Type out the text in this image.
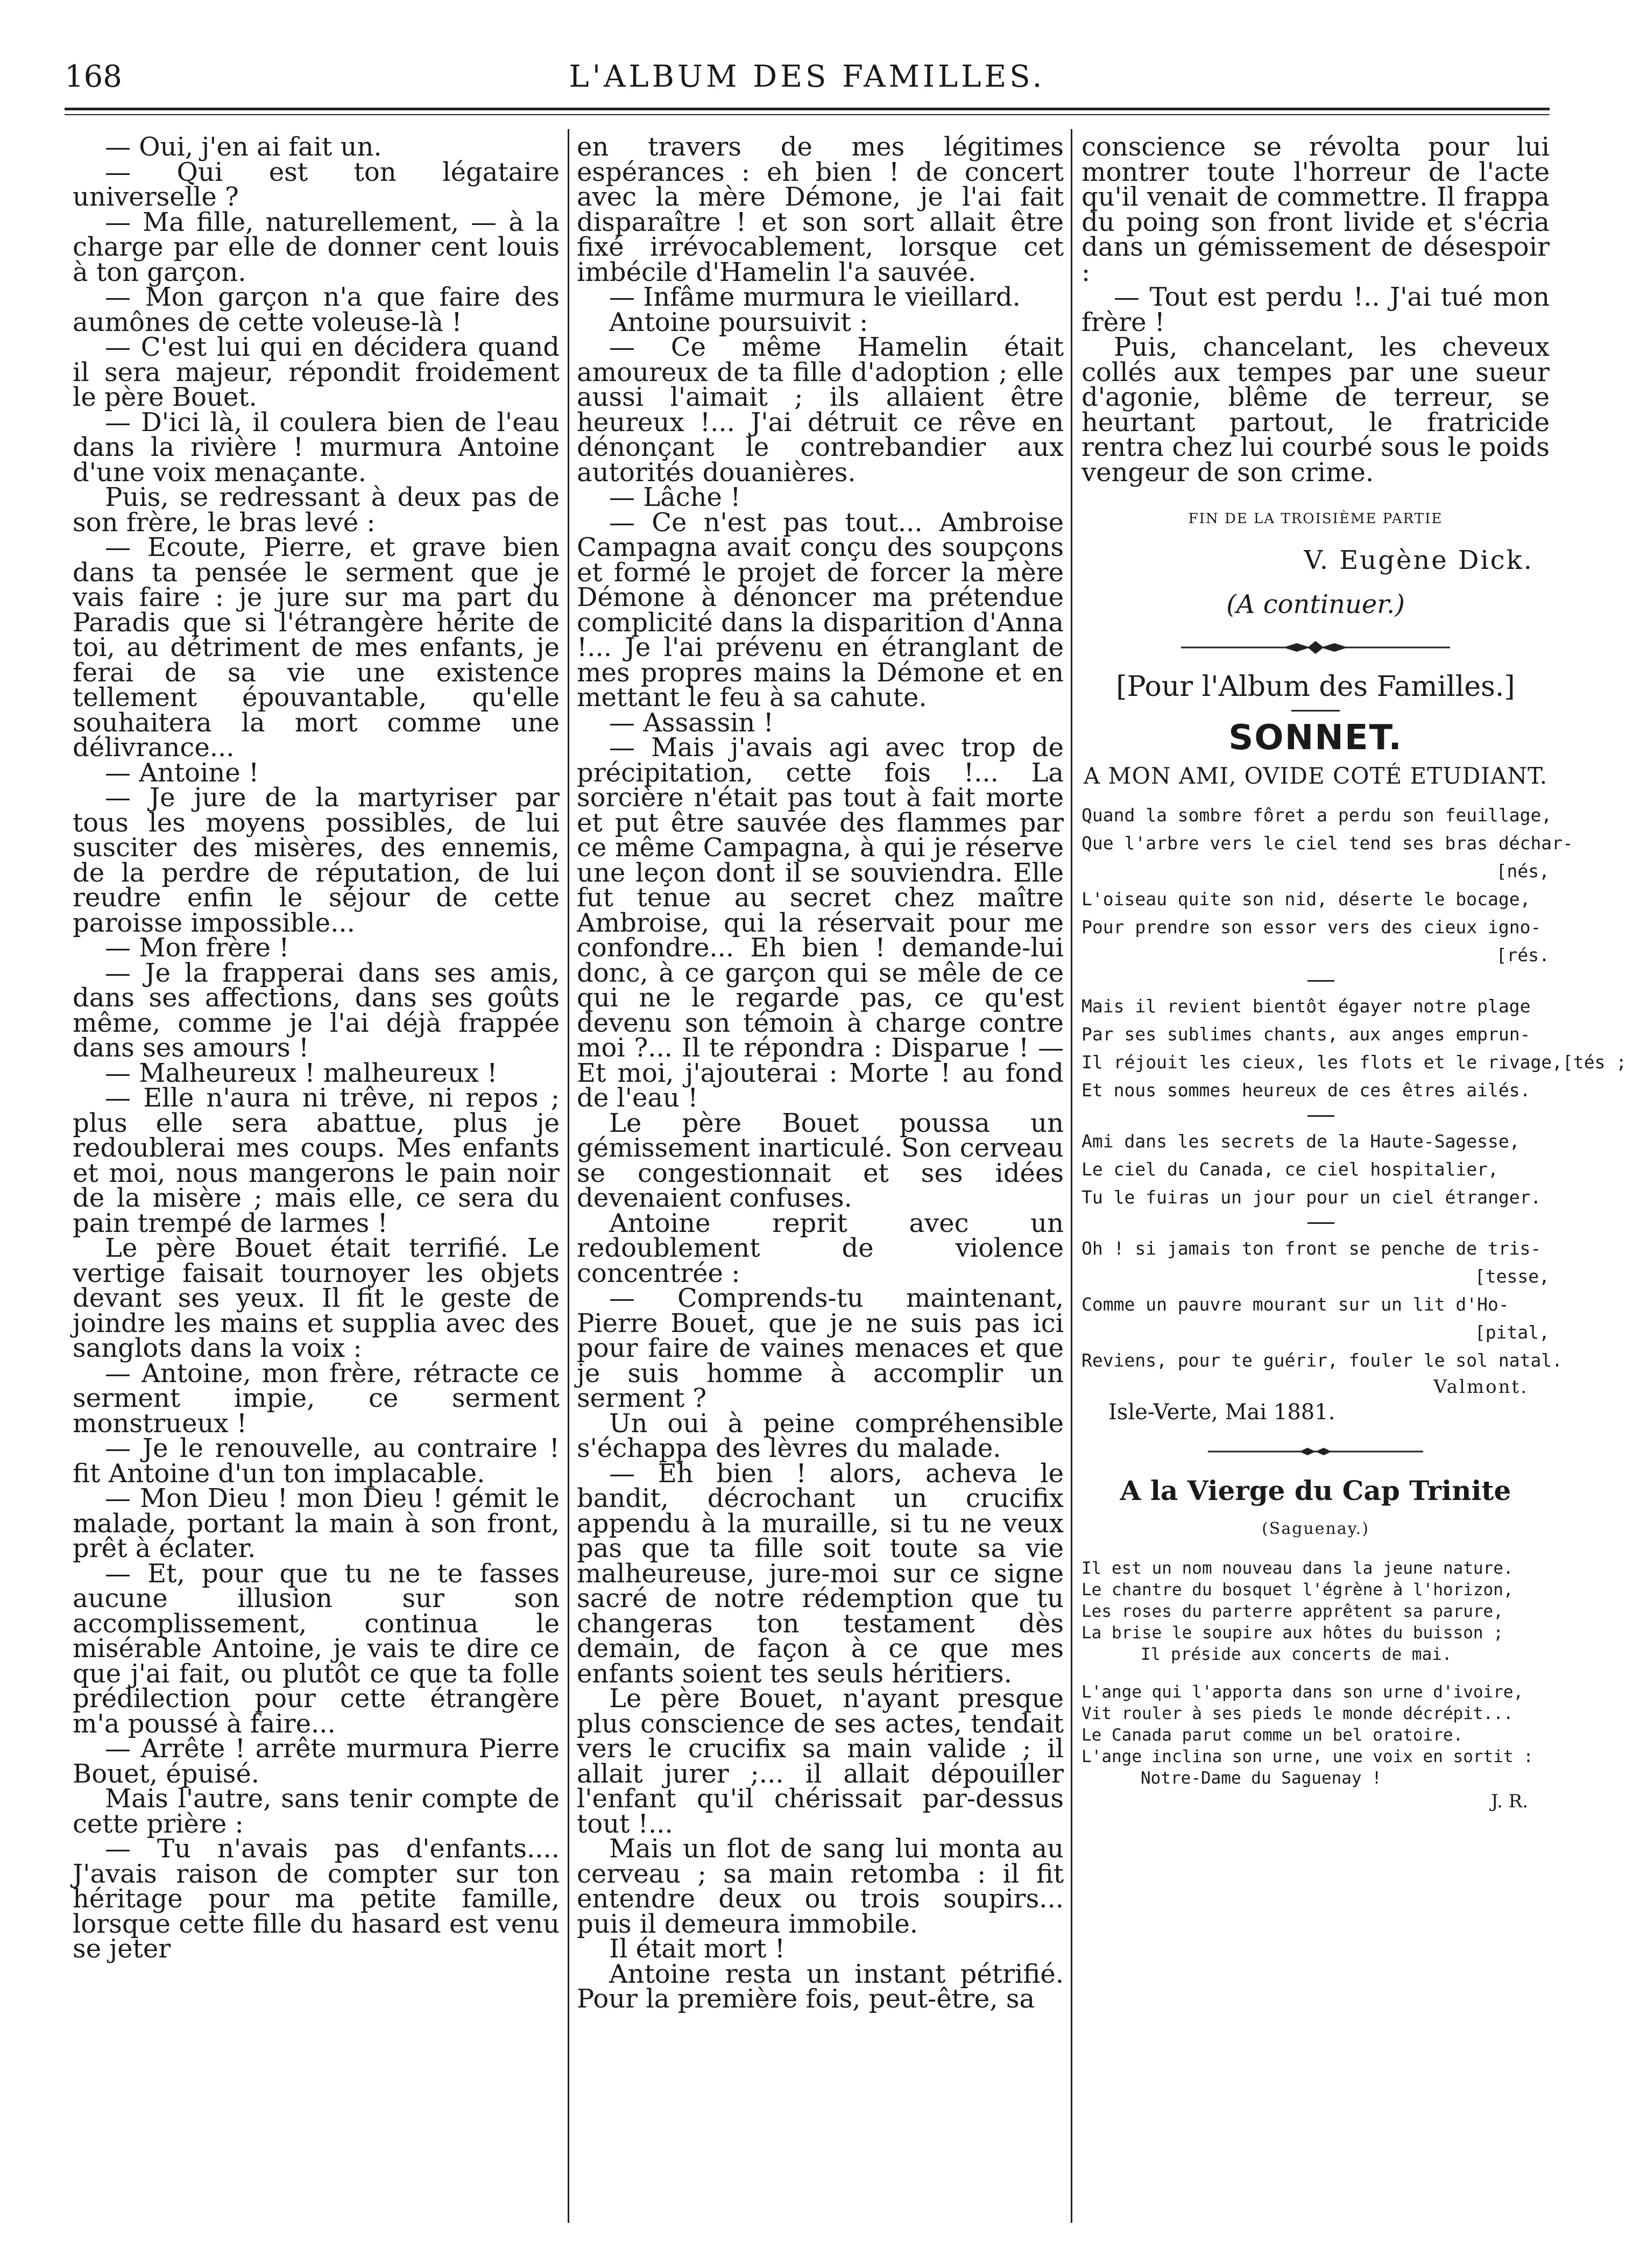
168	L'ALBUM DES FAMILLES.

— Oui, j'en ai fait un.

— Qui est ton légataire universelle ?

— Ma fille, naturellement, — à la charge par elle de donner cent louis à ton garçon.

— Mon garçon n'a que faire des aumônes de cette voleuse-là !

— C'est lui qui en décidera quand il sera majeur, répondit froidement le père Bouet.

— D'ici là, il coulera bien de l'eau dans la rivière ! murmura Antoine d'une voix menaçante.

Puis, se redressant à deux pas de son frère, le bras levé :

— Ecoute, Pierre, et grave bien dans ta pensée le serment que je vais faire : je jure sur ma part du Paradis que si l'étrangère hérite de toi, au détriment de mes enfants, je ferai de sa vie une existence tellement épouvantable, qu'elle souhaitera la mort comme une délivrance...

— Antoine !

— Je jure de la martyriser par tous les moyens possibles, de lui susciter des misères, des ennemis, de la perdre de réputation, de lui reudre enfin le séjour de cette paroisse impossible...

— Mon frère !

— Je la frapperai dans ses amis, dans ses affections, dans ses goûts même, comme je l'ai déjà frappée dans ses amours !

— Malheureux ! malheureux !

— Elle n'aura ni trêve, ni repos ; plus elle sera abattue, plus je redoublerai mes coups. Mes enfants et moi, nous mangerons le pain noir de la misère ; mais elle, ce sera du pain trempé de larmes !

Le père Bouet était terrifié. Le vertige faisait tournoyer les objets devant ses yeux. Il fit le geste de joindre les mains et supplia avec des sanglots dans la voix :

— Antoine, mon frère, rétracte ce serment impie, ce serment monstrueux !

— Je le renouvelle, au contraire ! fit Antoine d'un ton implacable.

— Mon Dieu ! mon Dieu ! gémit le malade, portant la main à son front, prêt à éclater.

— Et, pour que tu ne te fasses aucune illusion sur son accomplissement, continua le misérable Antoine, je vais te dire ce que j'ai fait, ou plutôt ce que ta folle prédilection pour cette étrangère m'a poussé à faire...

— Arrête ! arrête murmura Pierre Bouet, épuisé.

Mais l'autre, sans tenir compte de cette prière :

— Tu n'avais pas d'enfants.... J'avais raison de compter sur ton héritage pour ma petite famille, lorsque cette fille du hasard est venu se jeter

en travers de mes légitimes espérances : eh bien ! de concert avec la mère Démone, je l'ai fait disparaître ! et son sort allait être fixé irrévocablement, lorsque cet imbécile d'Hamelin l'a sauvée.

— Infâme murmura le vieillard.

Antoine poursuivit :

— Ce même Hamelin était amoureux de ta fille d'adoption ; elle aussi l'aimait ; ils allaient être heureux !... J'ai détruit ce rêve en dénonçant le contrebandier aux autorités douanières.

— Lâche !

— Ce n'est pas tout... Ambroise Campagna avait conçu des soupçons et formé le projet de forcer la mère Démone à dénoncer ma prétendue complicité dans la disparition d'Anna !... Je l'ai prévenu en étranglant de mes propres mains la Démone et en mettant le feu à sa cahute.

— Assassin !

— Mais j'avais agi avec trop de précipitation, cette fois !... La sorcière n'était pas tout à fait morte et put être sauvée des flammes par ce même Campagna, à qui je réserve une leçon dont il se souviendra. Elle fut tenue au secret chez maître Ambroise, qui la réservait pour me confondre... Eh bien ! demande-lui donc, à ce garçon qui se mêle de ce qui ne le regarde pas, ce qu'est devenu son témoin à charge contre moi ?... Il te répondra : Disparue ! — Et moi, j'ajouterai : Morte ! au fond de l'eau !

Le père Bouet poussa un gémissement inarticulé. Son cerveau se congestionnait et ses idées devenaient confuses.

Antoine reprit avec un redoublement de violence concentrée :

— Comprends-tu maintenant, Pierre Bouet, que je ne suis pas ici pour faire de vaines menaces et que je suis homme à accomplir un serment ?

Un oui à peine compréhensible s'échappa des lèvres du malade.

— Eh bien ! alors, acheva le bandit, décrochant un crucifix appendu à la muraille, si tu ne veux pas que ta fille soit toute sa vie malheureuse, jure-moi sur ce signe sacré de notre rédemption que tu changeras ton testament dès demain, de façon à ce que mes enfants soient tes seuls héritiers.

Le père Bouet, n'ayant presque plus conscience de ses actes, tendait vers le crucifix sa main valide ; il allait jurer ;... il allait dépouiller l'enfant qu'il chérissait par-dessus tout !...

Mais un flot de sang lui monta au cerveau ; sa main retomba : il fit entendre deux ou trois soupirs... puis il demeura immobile.

Il était mort !

Antoine resta un instant pétrifié. Pour la première fois, peut-être, sa

conscience se révolta pour lui montrer toute l'horreur de l'acte qu'il venait de commettre. Il frappa du poing son front livide et s'écria dans un gémissement de désespoir :

— Tout est perdu !.. J'ai tué mon frère !

Puis, chancelant, les cheveux collés aux tempes par une sueur d'agonie, blême de terreur, se heurtant partout, le fratricide rentra chez lui courbé sous le poids vengeur de son crime.

FIN DE LA TROISIÈME PARTIE
V. Eugène Dick.
(A continuer.)
[Pour l'Album des Familles.]
SONNET.
A MON AMI, OVIDE COTÉ ETUDIANT.
Quand la sombre fôret a perdu son feuillage,
Que l'arbre vers le ciel tend ses bras déchar-
[nés,
L'oiseau quite son nid, déserte le bocage,
Pour prendre son essor vers des cieux igno-
[rés.
Mais il revient bientôt égayer notre plage
Par ses sublimes chants, aux anges emprun-
Il réjouit les cieux, les flots et le rivage,[tés ;
Et nous sommes heureux de ces êtres ailés.
Ami dans les secrets de la Haute-Sagesse,
Le ciel du Canada, ce ciel hospitalier,
Tu le fuiras un jour pour un ciel étranger.
Oh ! si jamais ton front se penche de tris-
[tesse,
Comme un pauvre mourant sur un lit d'Ho-
[pital,
Reviens, pour te guérir, fouler le sol natal.
Valmont.
Isle-Verte, Mai 1881.
A la Vierge du Cap Trinite
(Saguenay.)
Il est un nom nouveau dans la jeune nature.
Le chantre du bosquet l'égrène à l'horizon,
Les roses du parterre apprêtent sa parure,
La brise le soupire aux hôtes du buisson ;
Il préside aux concerts de mai.
L'ange qui l'apporta dans son urne d'ivoire,
Vit rouler à ses pieds le monde décrépit...
Le Canada parut comme un bel oratoire.
L'ange inclina son urne, une voix en sortit :
Notre-Dame du Saguenay !
J. R.
